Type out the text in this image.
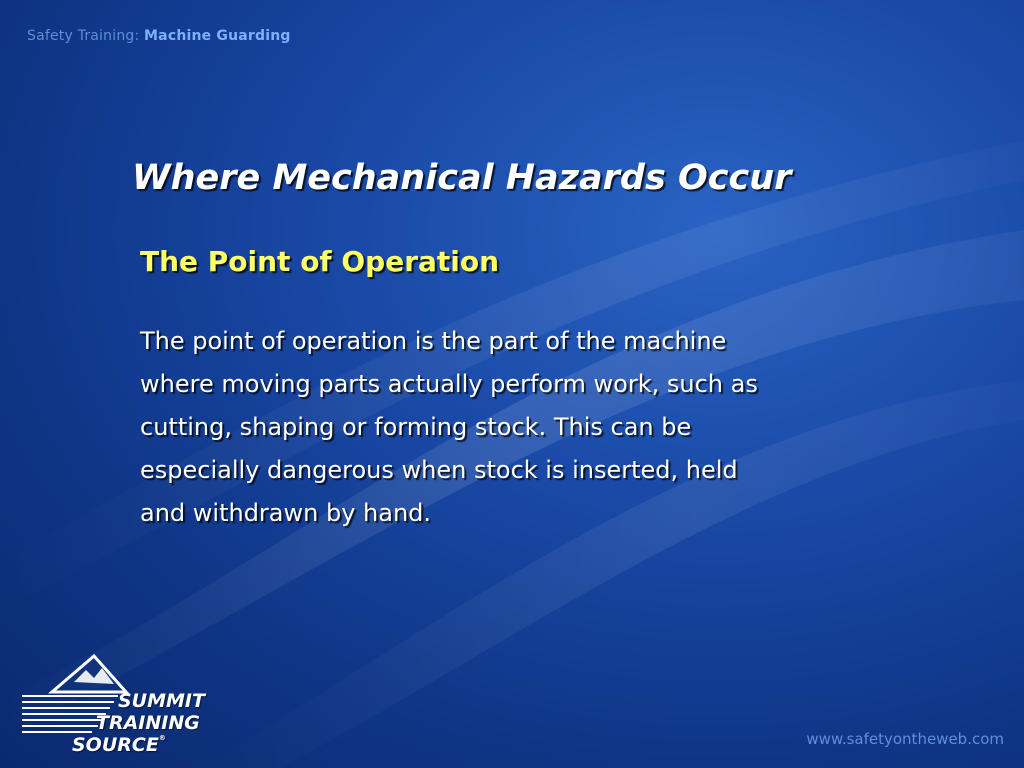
Safety Training: Machine Guarding
Where Mechanical Hazards Occur
The Point of Operation
The point of operation is the part of the machine
where moving parts actually perform work, such as
cutting, shaping or forming stock. This can be
especially dangerous when stock is inserted, held
and withdrawn by hand.
SUMMIT
TRAINING
SOURCE®	www.safetyontheweb.com
